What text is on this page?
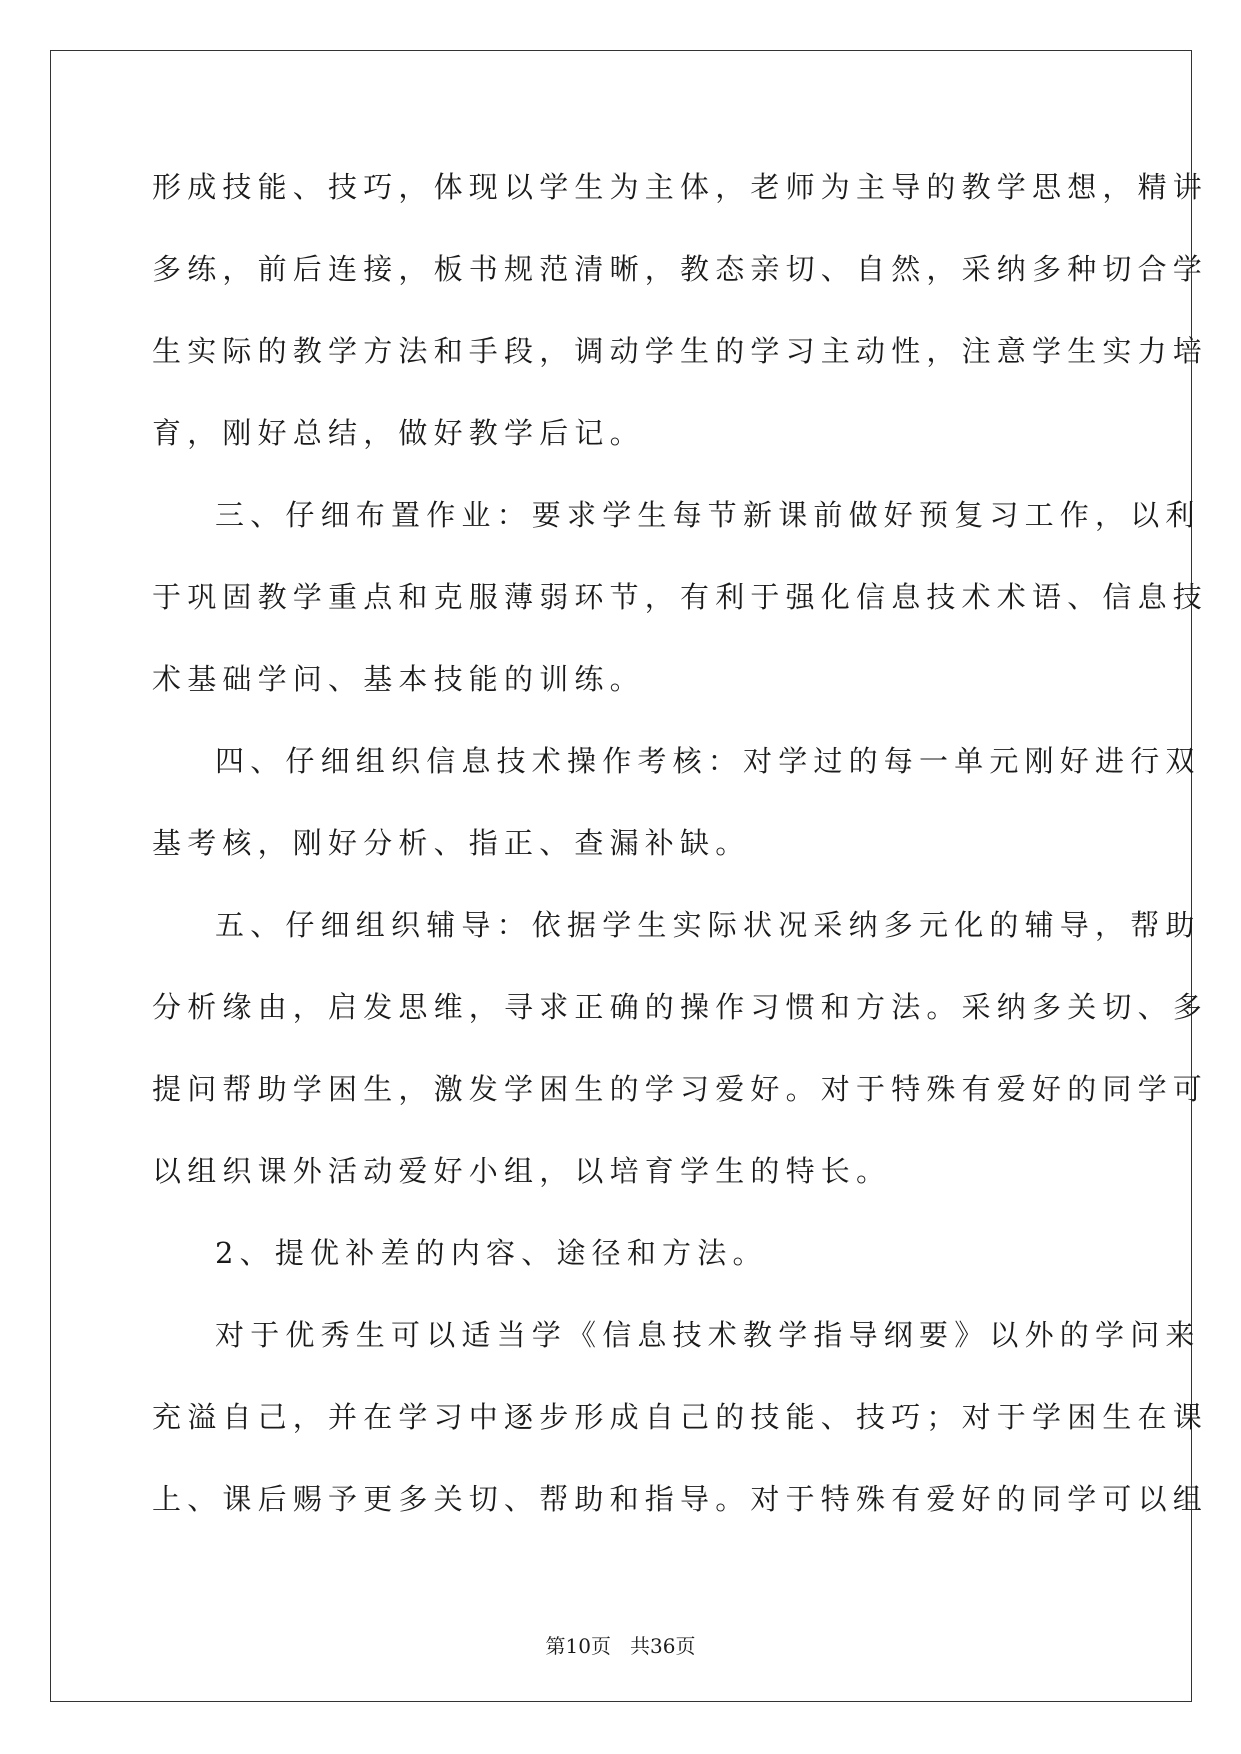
形成技能、技巧，体现以学生为主体，老师为主导的教学思想，精讲
多练，前后连接，板书规范清晰，教态亲切、自然，采纳多种切合学
生实际的教学方法和手段，调动学生的学习主动性，注意学生实力培
育，刚好总结，做好教学后记。
三、仔细布置作业：要求学生每节新课前做好预复习工作，以利
于巩固教学重点和克服薄弱环节，有利于强化信息技术术语、信息技
术基础学问、基本技能的训练。
四、仔细组织信息技术操作考核：对学过的每一单元刚好进行双
基考核，刚好分析、指正、查漏补缺。
五、仔细组织辅导：依据学生实际状况采纳多元化的辅导，帮助
分析缘由，启发思维，寻求正确的操作习惯和方法。采纳多关切、多
提问帮助学困生，激发学困生的学习爱好。对于特殊有爱好的同学可
以组织课外活动爱好小组，以培育学生的特长。
2、提优补差的内容、途径和方法。
对于优秀生可以适当学《信息技术教学指导纲要》以外的学问来
充溢自己，并在学习中逐步形成自己的技能、技巧；对于学困生在课
上、课后赐予更多关切、帮助和指导。对于特殊有爱好的同学可以组
第10页 共36页
